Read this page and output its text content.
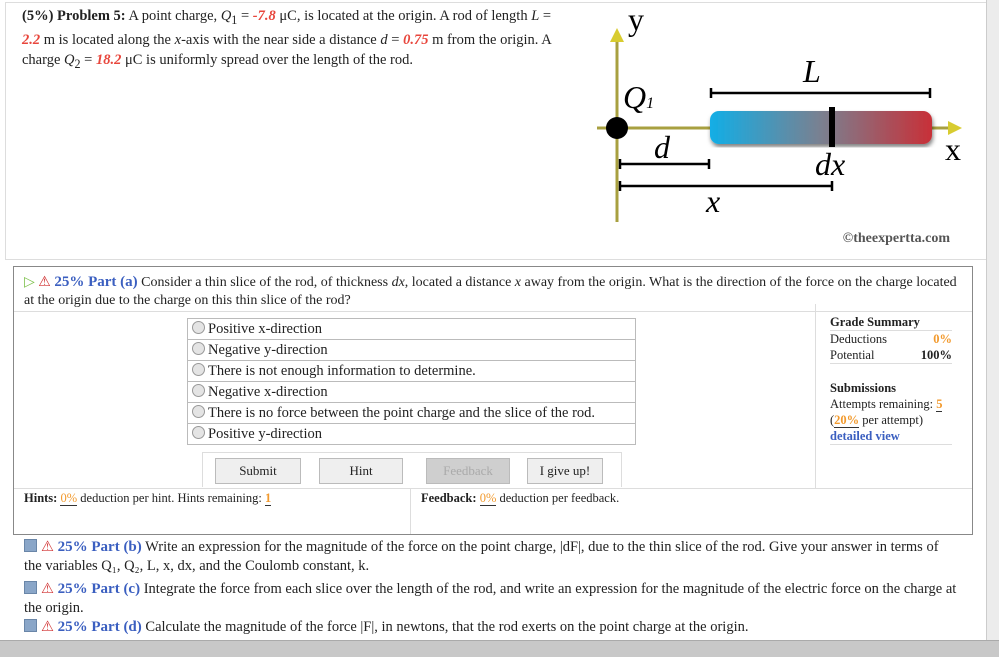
(5%) Problem 5: A point charge, $Q_1 = -7.8$ μC, is located at the origin. A rod of length L = 2.2 m is located along the x-axis with the near side a distance d = 0.75 m from the origin. A charge $Q_2 = 18.2$ μC is uniformly spread over the length of the rod.
y
x
Q1
L
d	dx
x
©theexpertta.com
▷ ⚠ 25% Part (a) Consider a thin slice of the rod, of thickness dx, located a distance x away from the origin. What is the direction of the force on the charge located at the origin due to the charge on this thin slice of the rod?
Positive x-direction
Negative y-direction
There is not enough information to determine.
Negative x-direction
There is no force between the point charge and the slice of the rod.
Positive y-direction
Grade Summary
Deductions	0%
Potential	100%
Submissions
Attempts remaining: 5
(20% per attempt)
detailed view
Submit	Hint	Feedback	I give up!
Hints: 0% deduction per hint. Hints remaining: 1	Feedback: 0% deduction per feedback.
⚠ 25% Part (b) Write an expression for the magnitude of the force on the point charge, |dF|, due to the thin slice of the rod. Give your answer in terms of the variables Q₁, Q₂, L, x, dx, and the Coulomb constant, k.
⚠ 25% Part (c) Integrate the force from each slice over the length of the rod, and write an expression for the magnitude of the electric force on the charge at the origin.
⚠ 25% Part (d) Calculate the magnitude of the force |F|, in newtons, that the rod exerts on the point charge at the origin.
